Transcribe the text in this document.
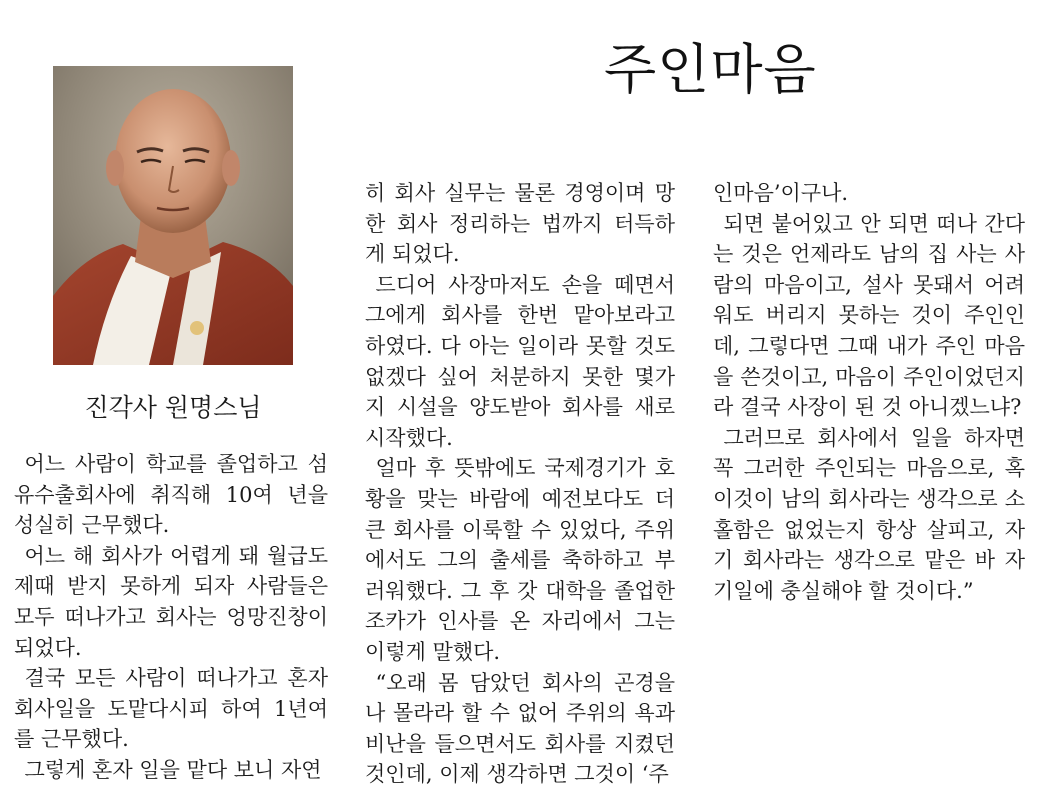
주인마음
진각사 원명스님

어느 사람이 학교를 졸업하고 섬유수출회사에 취직해 10여 년을 성실히 근무했다.

어느 해 회사가 어렵게 돼 월급도 제때 받지 못하게 되자 사람들은 모두 떠나가고 회사는 엉망진창이 되었다.

결국 모든 사람이 떠나가고 혼자 회사일을 도맡다시피 하여 1년여를 근무했다.

그렇게 혼자 일을 맡다 보니 자연

히 회사 실무는 물론 경영이며 망한 회사 정리하는 법까지 터득하게 되었다.

드디어 사장마저도 손을 떼면서 그에게 회사를 한번 맡아보라고 하였다. 다 아는 일이라 못할 것도 없겠다 싶어 처분하지 못한 몇가지 시설을 양도받아 회사를 새로 시작했다.

얼마 후 뜻밖에도 국제경기가 호황을 맞는 바람에 예전보다도 더 큰 회사를 이룩할 수 있었다, 주위에서도 그의 출세를 축하하고 부러워했다. 그 후 갓 대학을 졸업한 조카가 인사를 온 자리에서 그는 이렇게 말했다.

“오래 몸 담았던 회사의 곤경을 나 몰라라 할 수 없어 주위의 욕과 비난을 들으면서도 회사를 지켰던 것인데, 이제 생각하면 그것이 ‘주

인마음’이구나.

되면 붙어있고 안 되면 떠나 간다는 것은 언제라도 남의 집 사는 사람의 마음이고, 설사 못돼서 어려워도 버리지 못하는 것이 주인인데, 그렇다면 그때 내가 주인 마음을 쓴것이고, 마음이 주인이었던지라 결국 사장이 된 것 아니겠느냐?

그러므로 회사에서 일을 하자면 꼭 그러한 주인되는 마음으로, 혹이것이 남의 회사라는 생각으로 소홀함은 없었는지 항상 살피고, 자기 회사라는 생각으로 맡은 바 자기일에 충실해야 할 것이다.”
